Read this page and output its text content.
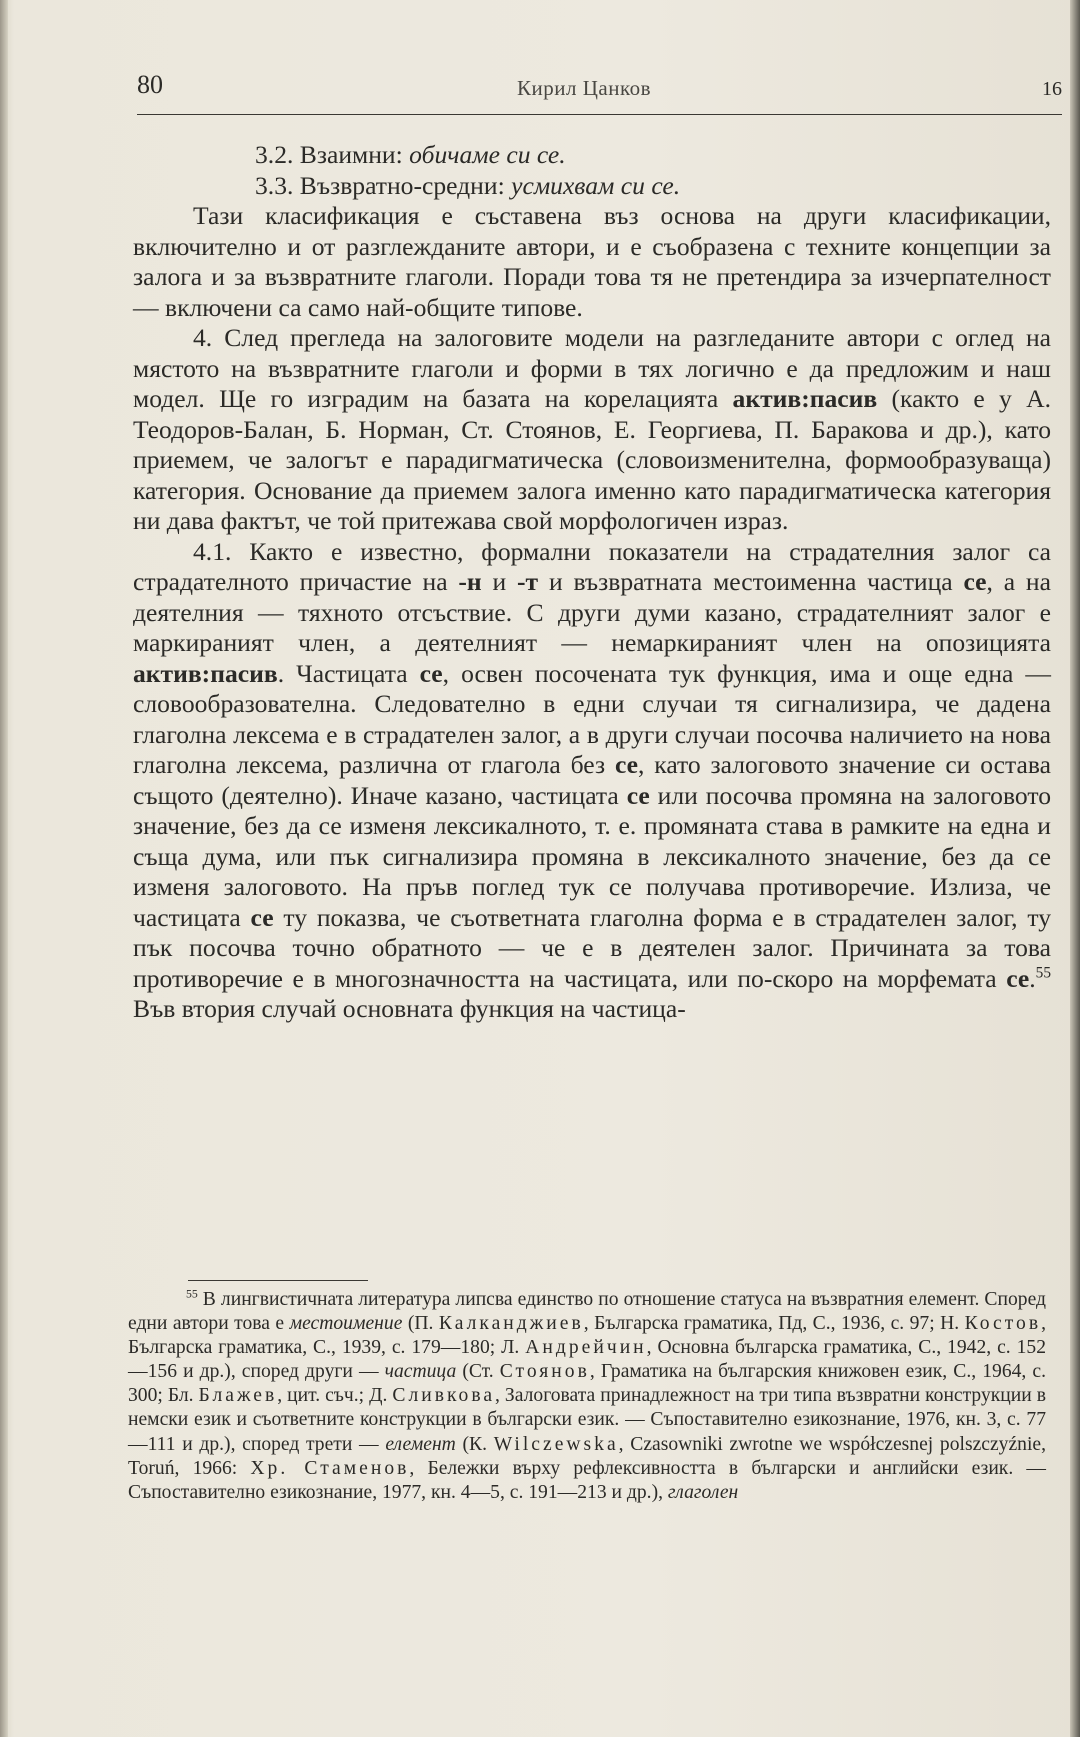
80	Кирил Цанков	16

3.2. Взаимни: обичаме си се.

3.3. Възвратно-средни: усмихвам си се.

Тази класификация е съставена въз основа на други класификации, включително и от разглежданите автори, и е съобразена с техните концепции за залога и за възвратните глаголи. Поради това тя не претендира за изчерпателност — включени са само най-общите типове.

4. След прегледа на залоговите модели на разгледаните автори с оглед на мястото на възвратните глаголи и форми в тях логично е да предложим и наш модел. Ще го изградим на базата на корелацията актив:пасив (както е у А. Теодоров-Балан, Б. Норман, Ст. Стоянов, Е. Георгиева, П. Баракова и др.), като приемем, че залогът е парадигматическа (словоизменителна, формообразуваща) категория. Основание да приемем залога именно като парадигматическа категория ни дава фактът, че той притежава свой морфологичен израз.

4.1. Както е известно, формални показатели на страдателния залог са страдателното причастие на -н и -т и възвратната местоименна частица се, а на деятелния — тяхното отсъствие. С други думи казано, страдателният залог е маркираният член, а деятелният — немаркираният член на опозицията актив:пасив. Частицата се, освен посочената тук функция, има и още една — словообразователна. Следователно в едни случаи тя сигнализира, че дадена глаголна лексема е в страдателен залог, а в други случаи посочва наличието на нова глаголна лексема, различна от глагола без се, като залоговото значение си остава същото (деятелно). Иначе казано, частицата се или посочва промяна на залоговото значение, без да се изменя лексикалното, т. е. промяната става в рамките на една и съща дума, или пък сигнализира промяна в лексикалното значение, без да се изменя залоговото. На пръв поглед тук се получава противоречие. Излиза, че частицата се ту показва, че съответната глаголна форма е в страдателен залог, ту пък посочва точно обратното — че е в деятелен залог. Причината за това противоречие е в многозначността на частицата, или по-скоро на морфемата се.$^{55}$ Във втория случай основната функция на частица-

$^{55}$ В лингвистичната литература липсва единство по отношение статуса на възвратния елемент. Според едни автори това е местоимение (П. Калканджиев, Българска граматика, Пд, С., 1936, с. 97; Н. Костов, Българска граматика, С., 1939, с. 179—180; Л. Андрейчин, Основна българска граматика, С., 1942, с. 152—156 и др.), според други — частица (Ст. Стоянов, Граматика на българския книжовен език, С., 1964, с. 300; Бл. Блажев, цит. съч.; Д. Сливкова, Залоговата принадлежност на три типа възвратни конструкции в немски език и съответните конструкции в български език. — Съпоставително езикознание, 1976, кн. 3, с. 77—111 и др.), според трети — елемент (К. Wilczewska, Czasowniki zwrotne we współczesnej polszczyźnie, Toruń, 1966: Хр. Стаменов, Бележки върху рефлексивността в български и английски език. — Съпоставително езикознание, 1977, кн. 4—5, с. 191—213 и др.), глаголен
